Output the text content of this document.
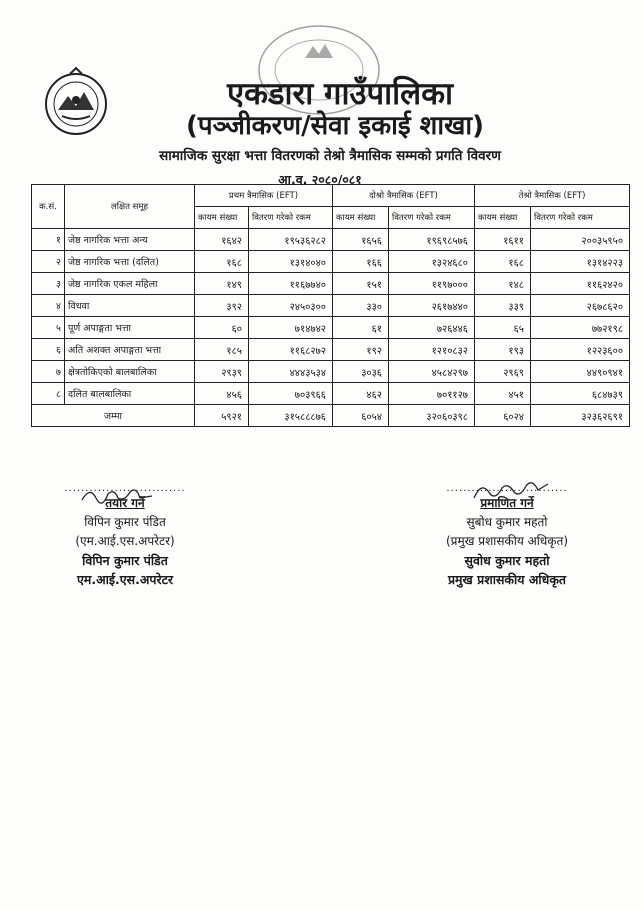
एकडारा गाउँपालिका
(पञ्जीकरण/सेवा इकाई शाखा)
सामाजिक सुरक्षा भत्ता वितरणको तेश्रो त्रैमासिक सम्मको प्रगति विवरण
आ.व. २०८०/०८१
क.सं.	लक्षित समूह	प्रथम त्रैमासिक (EFT)		दोश्रो त्रैमासिक (EFT)		तेश्रो त्रैमासिक (EFT)	
		कायम संख्या	वितरण गरेको रकम	कायम संख्या	वितरण गरेको रकम	कायम संख्या	वितरण गरेको रकम
१	जेष्ठ नागरिक भत्ता अन्य	१६४२	१९५३६२८२	१६५६	१९६९८५७६	१६११	२००३५९५०
२	जेष्ठ नागरिक भत्ता (दलित)	१६८	१३१४०४०	१६६	१३२४६८०	१६८	१३१४२२३
३	जेष्ठ नागरिक एकल महिला	१४९	११६७७४०	१५१	११९७०००	१४८	११६२४२०
४	विधवा	३९२	२४५०३००	३३०	२६१७४४०	३३९	२६७८६२०
५	पूर्ण अपाङ्गता भत्ता	६०	७१४७४२	६१	७२६४४६	६५	७७२१९८
६	अति अशक्त अपाङ्गता भत्ता	१८५	११६८२७२	१९२	१२१०८३२	१९३	१२२३६००
७	क्षेत्रतोकिएको बालबालिका	२९३९	४४४३५३४	३०३६	४५८४२९७	२९६९	४४९०९४१
८	दलित बालबालिका	४५६	७०३९६६	४६२	७०११२७	४५१	६८४७३९
जम्मा		५९२१	३१५८८८७६	६०५४	३२०६०३९८	६०२४	३२३६२६९१
.............................
तयार गर्ने
विपिन कुमार पंडित
(एम.आई.एस.अपरेटर)
विपिन कुमार पंडित
एम.आई.एस.अपरेटर
.............................
प्रमाणित गर्ने
सुबोध कुमार महतो
(प्रमुख प्रशासकीय अधिकृत)
सुवोध कुमार महतो
प्रमुख प्रशासकीय अधिकृत
